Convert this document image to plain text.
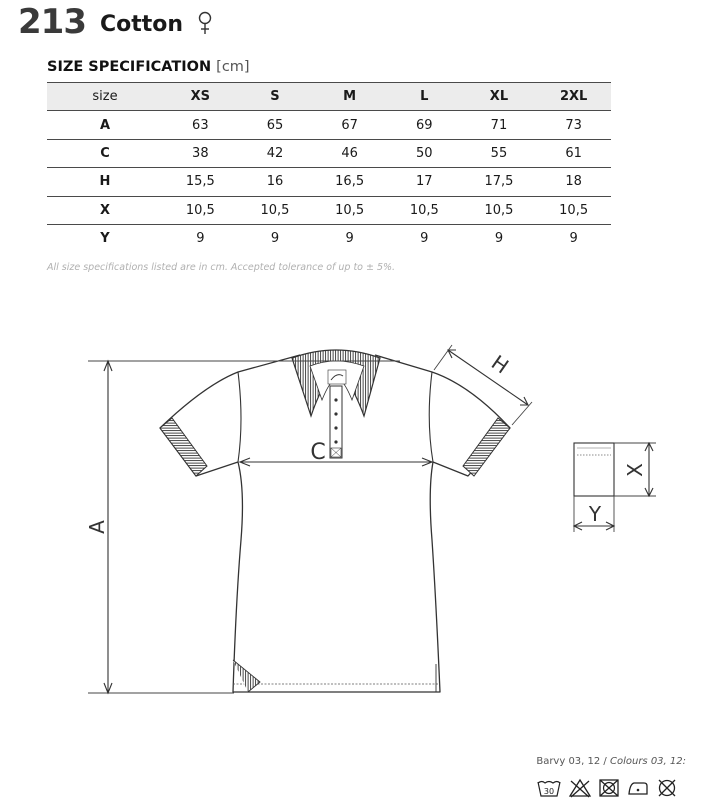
213 Cotton
SIZE SPECIFICATION [cm]
size	XS	S	M	L	XL	2XL
A	63	65	67	69	71	73
C	38	42	46	50	55	61
H	15,5	16	16,5	17	17,5	18
X	10,5	10,5	10,5	10,5	10,5	10,5
Y	9	9	9	9	9	9
All size specifications listed are in cm. Accepted tolerance of up to ± 5%.
A
C
H
X
Y
Barvy 03, 12 / Colours 03, 12:
30
